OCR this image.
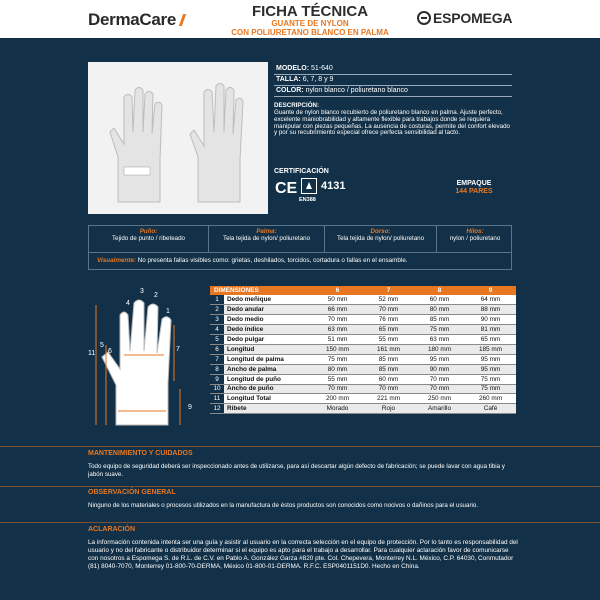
DermaCare	FICHA TÉCNICA
GUANTE DE NYLON
CON POLIURETANO BLANCO EN PALMA
ESPOMEGA
MODELO: 51-640
TALLA: 6, 7, 8 y 9
COLOR: nylon blanco / poliuretano blanco
DESCRIPCIÓN:
Guante de nylon blanco recubierto de poliuretano blanco en palma. Ajuste perfecto, excelente maniobrabilidad y altamente flexible para trabajos donde se requiera manipular con piezas pequeñas. La ausencia de costuras, permite del confort elevado y por su recubrimiento especial ofrece perfecta sensibilidad al tacto.
CERTIFICACIÓN
CE
EN388
4131	EMPAQUE
144 PARES
Puño:
Tejido de punto / ribeteado
Palma:
Tela tejida de nylon/ poliuretano
Dorso:
Tela tejida de nylon/ poliuretano
Hilos:
nylon / poliuretano
Visualmente: No presenta fallas visibles como: grietas, deshilados, torcidos, cortadura o fallas en el ensamble.
1
2
3
4
5
6	7
8
9
10
11
DIMENSIONES		6	7	8	9
1	Dedo meñique	50 mm	52 mm	60 mm	64 mm
2	Dedo anular	66 mm	70 mm	80 mm	88 mm
3	Dedo medio	70 mm	76 mm	85 mm	90 mm
4	Dedo índice	63 mm	65 mm	75 mm	81 mm
5	Dedo pulgar	51 mm	55 mm	63 mm	65 mm
6	Longitud	150 mm	161 mm	180 mm	185 mm
7	Longitud de palma	75 mm	85 mm	95 mm	95 mm
8	Ancho de palma	80 mm	85 mm	90 mm	95 mm
9	Longitud de puño	55 mm	60 mm	70 mm	75 mm
10	Ancho de puño	70 mm	70 mm	70 mm	75 mm
11	Longitud Total	200 mm	221 mm	250 mm	260 mm
12	Ribete	Morado	Rojo	Amarillo	Café
MANTENIMIENTO Y CUIDADOS
Todo equipo de seguridad deberá ser inspeccionado antes de utilizarse, para así descartar algún defecto de fabricación; se puede lavar con agua tibia y jabón suave.
OBSERVACIÓN GENERAL
Ninguno de los materiales o procesos utilizados en la manufactura de éstos productos son conocidos como nocivos o dañinos para el usuario.
ACLARACIÓN
La información contenida intenta ser una guía y asistir al usuario en la correcta selección en el equipo de protección. Por lo tanto es responsabilidad del usuario y no del fabricante o distribuidor determinar si el equipo es apto para el trabajo a desarrollar. Para cualquier aclaración favor de comunicarse con nosotros a Espomega S. de R.L. de C.V. en Pablo A. González Garza #820 pte. Col. Chepevera, Monterrey N.L. México, C.P. 64030, Conmutador (81) 8040-7070, Monterrey 01-800-70-DERMA, México 01-800-01-DERMA. R.F.C. ESP0401151D0. Hecho en China.
